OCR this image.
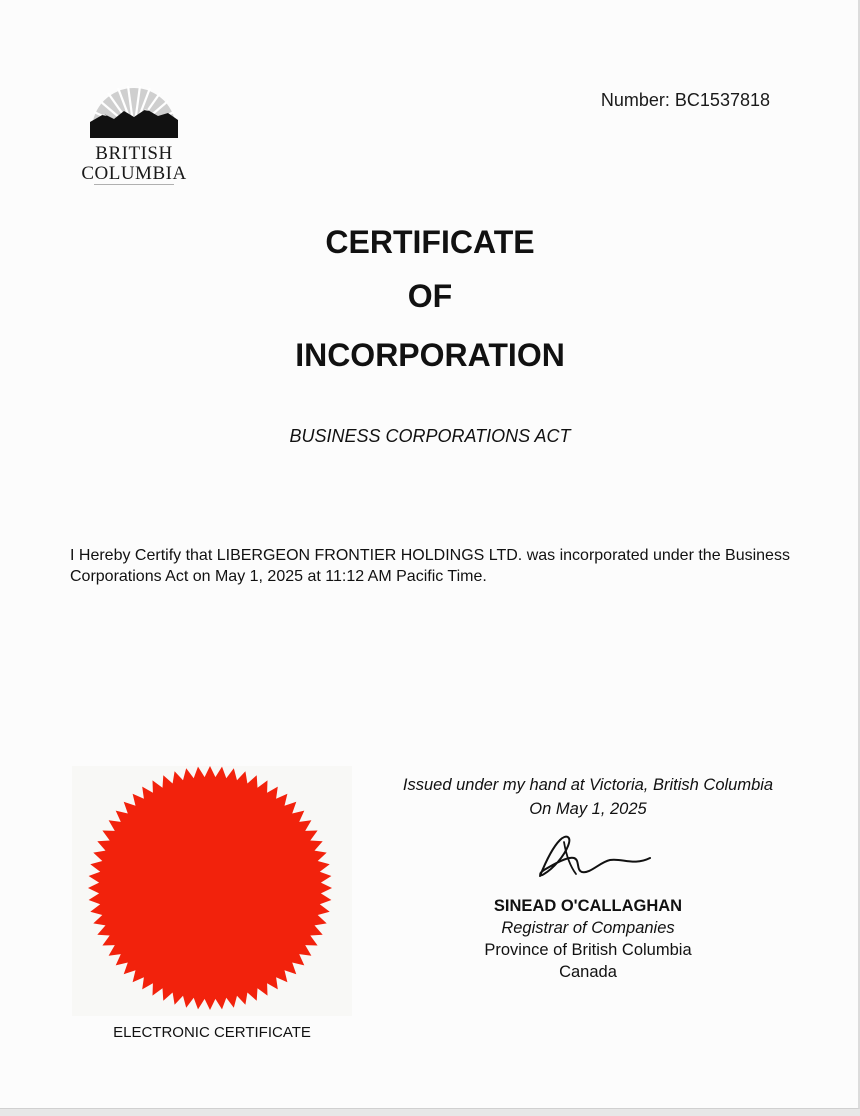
BRITISH
COLUMBIA
Number: BC1537818
CERTIFICATE
OF
INCORPORATION
BUSINESS CORPORATIONS ACT
I Hereby Certify that LIBERGEON FRONTIER HOLDINGS LTD. was incorporated under the Business Corporations Act on May 1, 2025 at 11:12 AM Pacific Time.
ELECTRONIC CERTIFICATE
Issued under my hand at Victoria, British Columbia
On May 1, 2025
SINEAD O'CALLAGHAN
Registrar of Companies
Province of British Columbia
Canada
